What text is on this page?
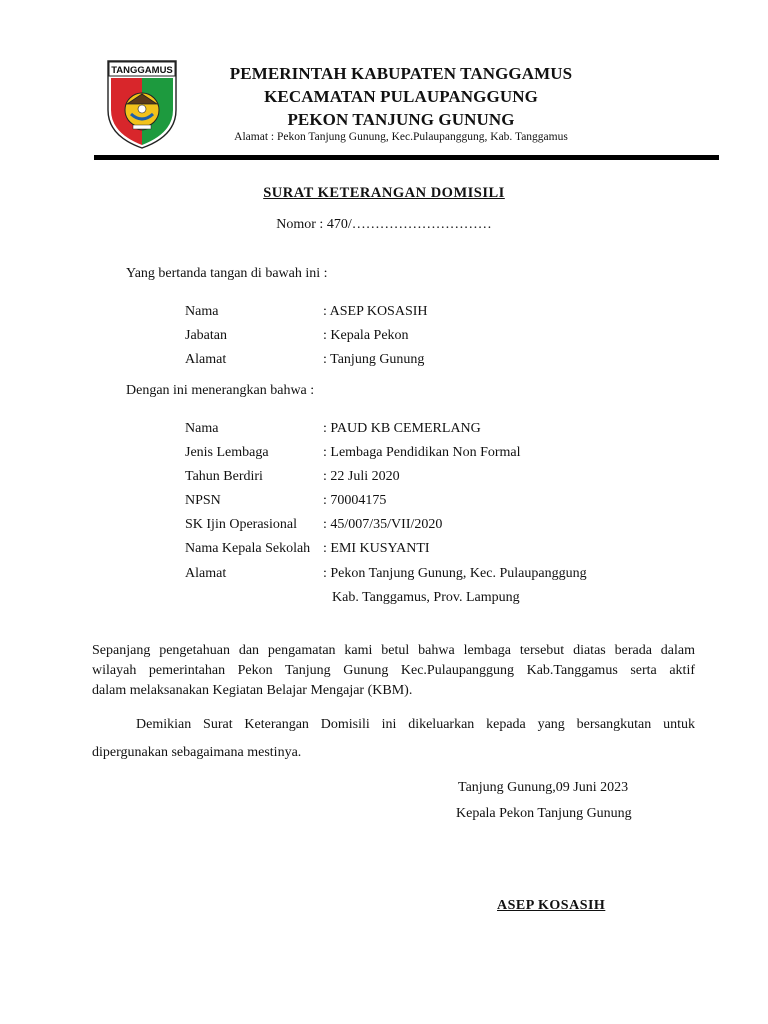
TANGGAMUS	PEMERINTAH KABUPATEN TANGGAMUS
KECAMATAN PULAUPANGGUNG
PEKON TANJUNG GUNUNG
Alamat : Pekon Tanjung Gunung, Kec.Pulaupanggung, Kab. Tanggamus
SURAT KETERANGAN DOMISILI
Nomor : 470/…………………………
Yang bertanda tangan di bawah ini :
Nama	: ASEP KOSASIH
Jabatan	: Kepala Pekon
Alamat	: Tanjung Gunung
Dengan ini menerangkan bahwa :
Nama	: PAUD KB CEMERLANG
Jenis Lembaga	: Lembaga Pendidikan Non Formal
Tahun Berdiri	: 22 Juli 2020
NPSN	: 70004175
SK Ijin Operasional : 45/007/35/VII/2020
Nama Kepala Sekolah : EMI KUSYANTI
Alamat	: Pekon Tanjung Gunung, Kec. Pulaupanggung
Kab. Tanggamus, Prov. Lampung
Sepanjang pengetahuan dan pengamatan kami betul bahwa lembaga tersebut diatas berada dalam
wilayah pemerintahan Pekon Tanjung Gunung Kec.Pulaupanggung Kab.Tanggamus serta aktif
dalam melaksanakan Kegiatan Belajar Mengajar (KBM).
Demikian Surat Keterangan Domisili ini dikeluarkan kepada yang bersangkutan untuk
dipergunakan sebagaimana mestinya.
Tanjung Gunung,09 Juni 2023
Kepala Pekon Tanjung Gunung
ASEP KOSASIH
